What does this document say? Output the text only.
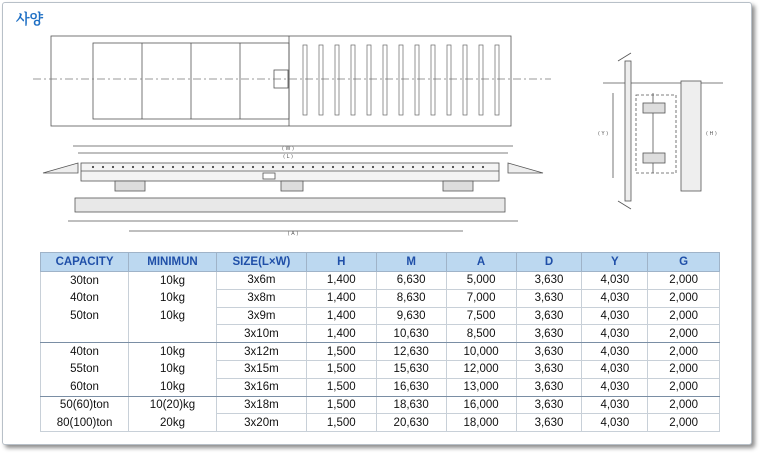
사양
( W )
( L )
( A )
( Y )	( H )
CAPACITY	MINIMUN	SIZE(L×W)	H	M	A	D	Y	G
30ton	10kg	3x6m	1,400	6,630	5,000	3,630	4,030	2,000
40ton	10kg	3x8m	1,400	8,630	7,000	3,630	4,030	2,000
50ton	10kg	3x9m	1,400	9,630	7,500	3,630	4,030	2,000
		3x10m	1,400	10,630	8,500	3,630	4,030	2,000
40ton	10kg	3x12m	1,500	12,630	10,000	3,630	4,030	2,000
55ton	10kg	3x15m	1,500	15,630	12,000	3,630	4,030	2,000
60ton	10kg	3x16m	1,500	16,630	13,000	3,630	4,030	2,000
50(60)ton	10(20)kg	3x18m	1,500	18,630	16,000	3,630	4,030	2,000
80(100)ton	20kg	3x20m	1,500	20,630	18,000	3,630	4,030	2,000
